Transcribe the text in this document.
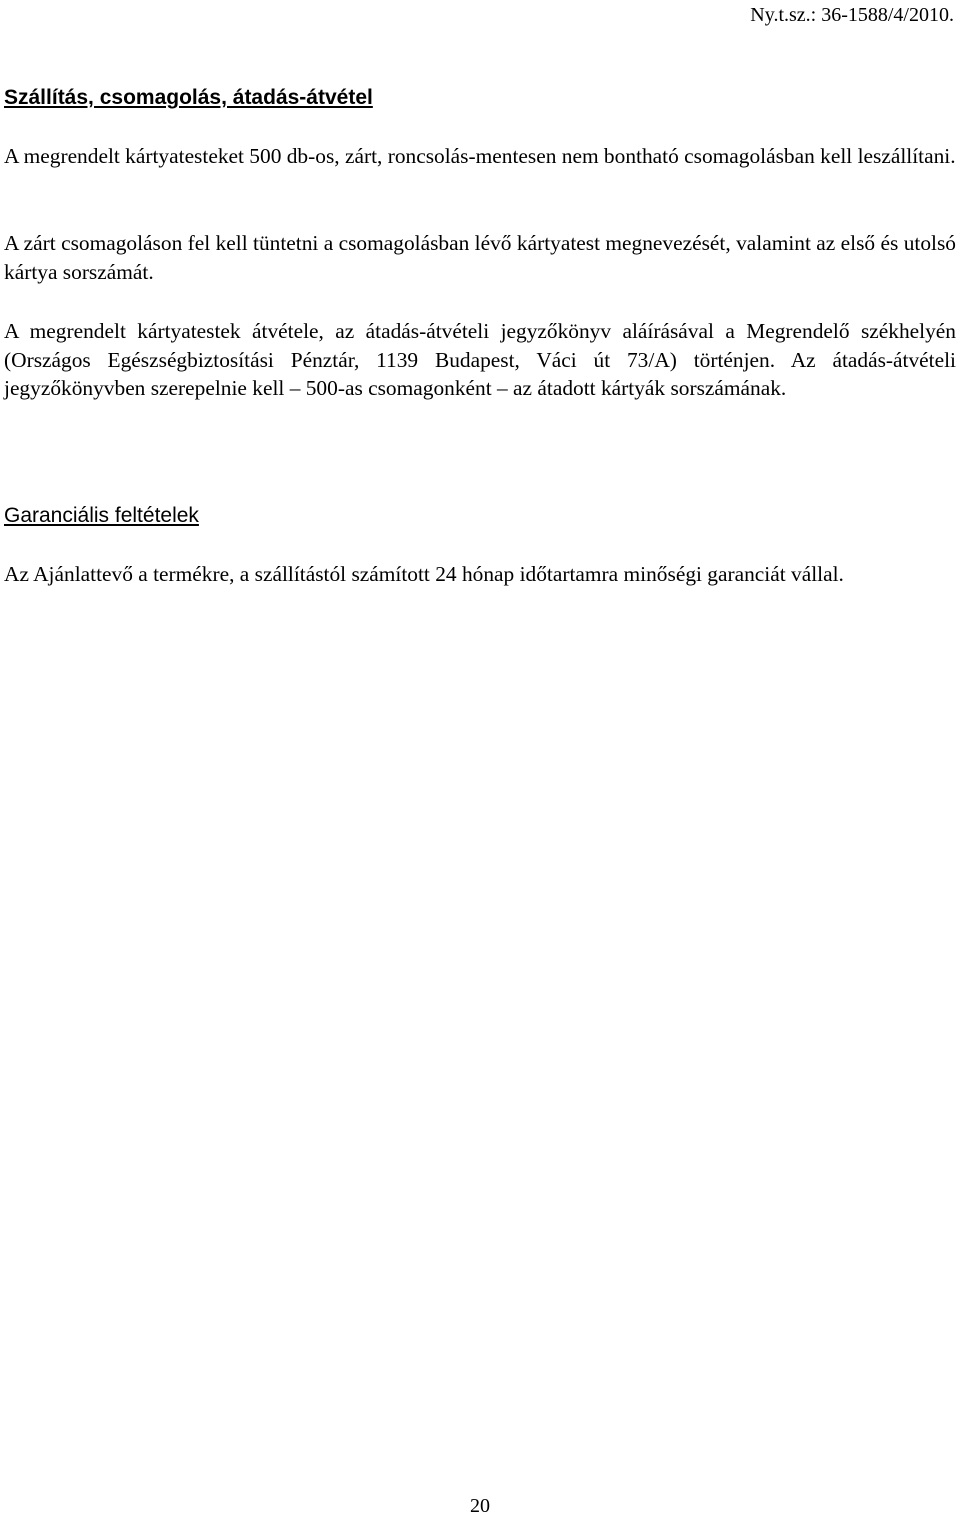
Ny.t.sz.: 36-1588/4/2010.
Szállítás, csomagolás, átadás-átvétel

A megrendelt kártyatesteket 500 db-os, zárt, roncsolás-mentesen nem bontható csomagolásban kell leszállítani.

A zárt csomagoláson fel kell tüntetni a csomagolásban lévő kártyatest megnevezését, valamint az első és utolsó kártya sorszámát.

A megrendelt kártyatestek átvétele, az átadás-átvételi jegyzőkönyv aláírásával a Megrendelő székhelyén (Országos Egészségbiztosítási Pénztár, 1139 Budapest, Váci út 73/A) történjen. Az átadás-átvételi jegyzőkönyvben szerepelnie kell – 500-as csomagonként – az átadott kártyák sorszámának.

Garanciális feltételek

Az Ajánlattevő a termékre, a szállítástól számított 24 hónap időtartamra minőségi garanciát vállal.

20
